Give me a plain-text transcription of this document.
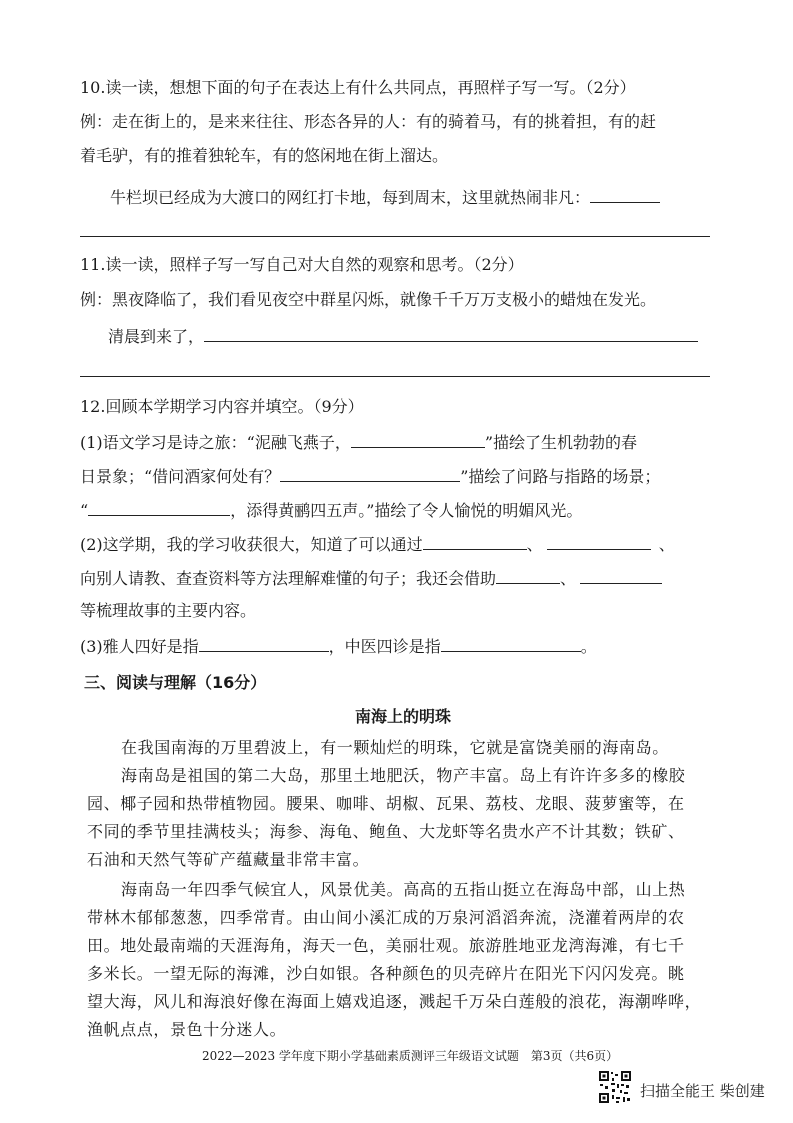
10.读一读，想想下面的句子在表达上有什么共同点，再照样子写一写。（2分）
例：走在街上的，是来来往往、形态各异的人：有的骑着马，有的挑着担，有的赶
着毛驴，有的推着独轮车，有的悠闲地在街上溜达。
牛栏坝已经成为大渡口的网红打卡地，每到周末，这里就热闹非凡：
11.读一读，照样子写一写自己对大自然的观察和思考。（2分）
例：黑夜降临了，我们看见夜空中群星闪烁，就像千千万万支极小的蜡烛在发光。
清晨到来了，
12.回顾本学期学习内容并填空。（9分）
(1)语文学习是诗之旅：“泥融飞燕子，	”描绘了生机勃勃的春
日景象；“借问酒家何处有？	”描绘了问路与指路的场景；
“	，添得黄鹂四五声。”描绘了令人愉悦的明媚风光。
(2)这学期，我的学习收获很大，知道了可以通过	、	、
向别人请教、查查资料等方法理解难懂的句子；我还会借助	、
等梳理故事的主要内容。
(3)雅人四好是指	，中医四诊是指	。
三、阅读与理解（16分）
南海上的明珠
在我国南海的万里碧波上，有一颗灿烂的明珠，它就是富饶美丽的海南岛。
海南岛是祖国的第二大岛，那里土地肥沃，物产丰富。岛上有许许多多的橡胶
园、椰子园和热带植物园。腰果、咖啡、胡椒、瓦果、荔枝、龙眼、菠萝蜜等，在
不同的季节里挂满枝头；海参、海龟、鲍鱼、大龙虾等名贵水产不计其数；铁矿、
石油和天然气等矿产蕴藏量非常丰富。
海南岛一年四季气候宜人，风景优美。高高的五指山挺立在海岛中部，山上热
带林木郁郁葱葱，四季常青。由山间小溪汇成的万泉河滔滔奔流，浇灌着两岸的农
田。地处最南端的天涯海角，海天一色，美丽壮观。旅游胜地亚龙湾海滩，有七千
多米长。一望无际的海滩，沙白如银。各种颜色的贝壳碎片在阳光下闪闪发亮。眺
望大海，风儿和海浪好像在海面上嬉戏追逐，溅起千万朵白莲般的浪花，海潮哗哗，
渔帆点点，景色十分迷人。
2022—2023 学年度下期小学基础素质测评三年级语文试题　第3页（共6页）
扫描全能王 柴创建
